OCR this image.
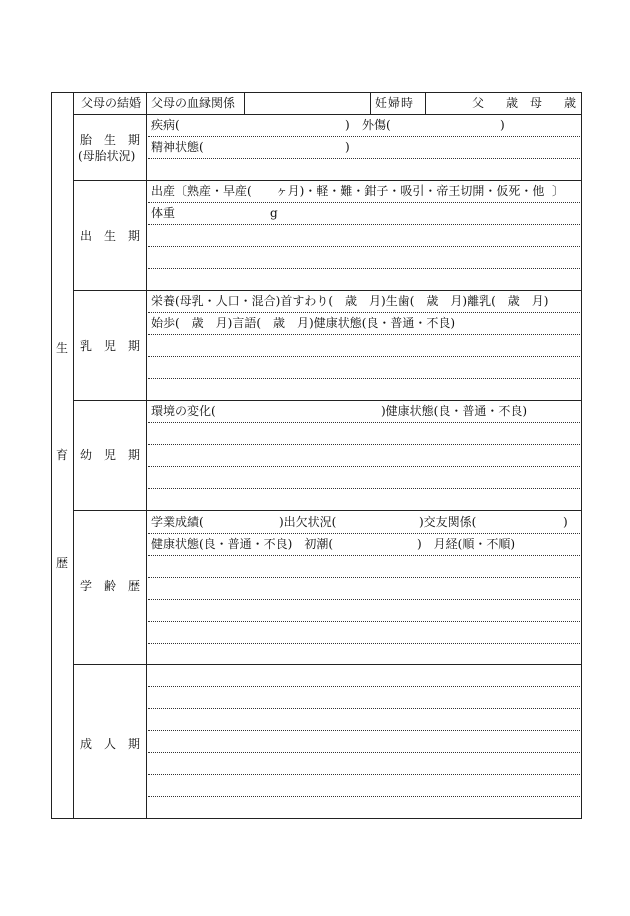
生
育
歴
父母の結婚 父母の血縁関係	妊婦時	父 歳 母 歳
胎　生　期
(母胎状況)
疾病(	) 外傷(	)
精神状態(	)
出　生　期
出産〔熟産・早産(　　ヶ月)・軽・難・鉗子・吸引・帝王切開・仮死・他 〕
体重	g
乳　児　期
栄養(母乳・人口・混合)首すわり(　歳　月)生歯(　歳　月)離乳(　歳　月)
始歩(　歳　月)言語(　歳　月)健康状態(良・普通・不良)
幼　児　期
環境の変化(	)健康状態(良・普通・不良)
学　齢　歴
学業成績(	)出欠状況(	)交友関係(	)
健康状態(良・普通・不良)　初潮(	)　月経(順・不順)
成　人　期
